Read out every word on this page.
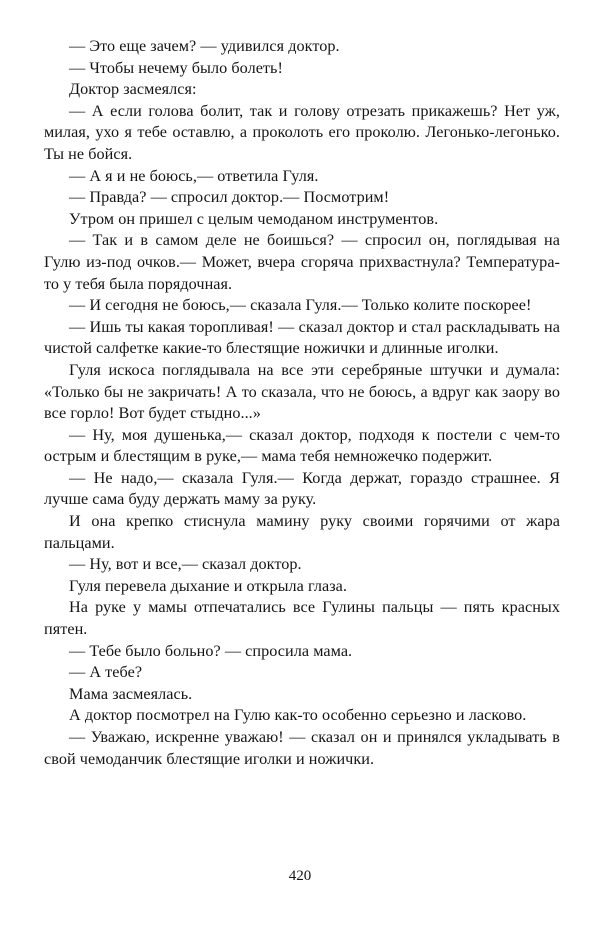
— Это еще зачем? — удивился доктор.

— Чтобы нечему было болеть!

Доктор засмеялся:

— А если голова болит, так и голову отрезать прикажешь? Нет уж, милая, ухо я тебе оставлю, а проколоть его проколю. Легонько-легонько. Ты не бойся.

— А я и не боюсь,— ответила Гуля.

— Правда? — спросил доктор.— Посмотрим!

Утром он пришел с целым чемоданом инструментов.

— Так и в самом деле не боишься? — спросил он, поглядывая на Гулю из-под очков.— Может, вчера сгоряча прихвастнула? Температура-то у тебя была порядочная.

— И сегодня не боюсь,— сказала Гуля.— Только колите поскорее!

— Ишь ты какая торопливая! — сказал доктор и стал раскладывать на чистой салфетке какие-то блестящие ножички и длинные иголки.

Гуля искоса поглядывала на все эти серебряные штучки и думала: «Только бы не закричать! А то сказала, что не боюсь, а вдруг как заору во все горло! Вот будет стыдно...»

— Ну, моя душенька,— сказал доктор, подходя к постели с чем-то острым и блестящим в руке,— мама тебя немножечко подержит.

— Не надо,— сказала Гуля.— Когда держат, гораздо страшнее. Я лучше сама буду держать маму за руку.

И она крепко стиснула мамину руку своими горячими от жара пальцами.

— Ну, вот и все,— сказал доктор.

Гуля перевела дыхание и открыла глаза.

На руке у мамы отпечатались все Гулины пальцы — пять красных пятен.

— Тебе было больно? — спросила мама.

— А тебе?

Мама засмеялась.

А доктор посмотрел на Гулю как-то особенно серьезно и ласково.

— Уважаю, искренне уважаю! — сказал он и принялся укладывать в свой чемоданчик блестящие иголки и ножички.

420
